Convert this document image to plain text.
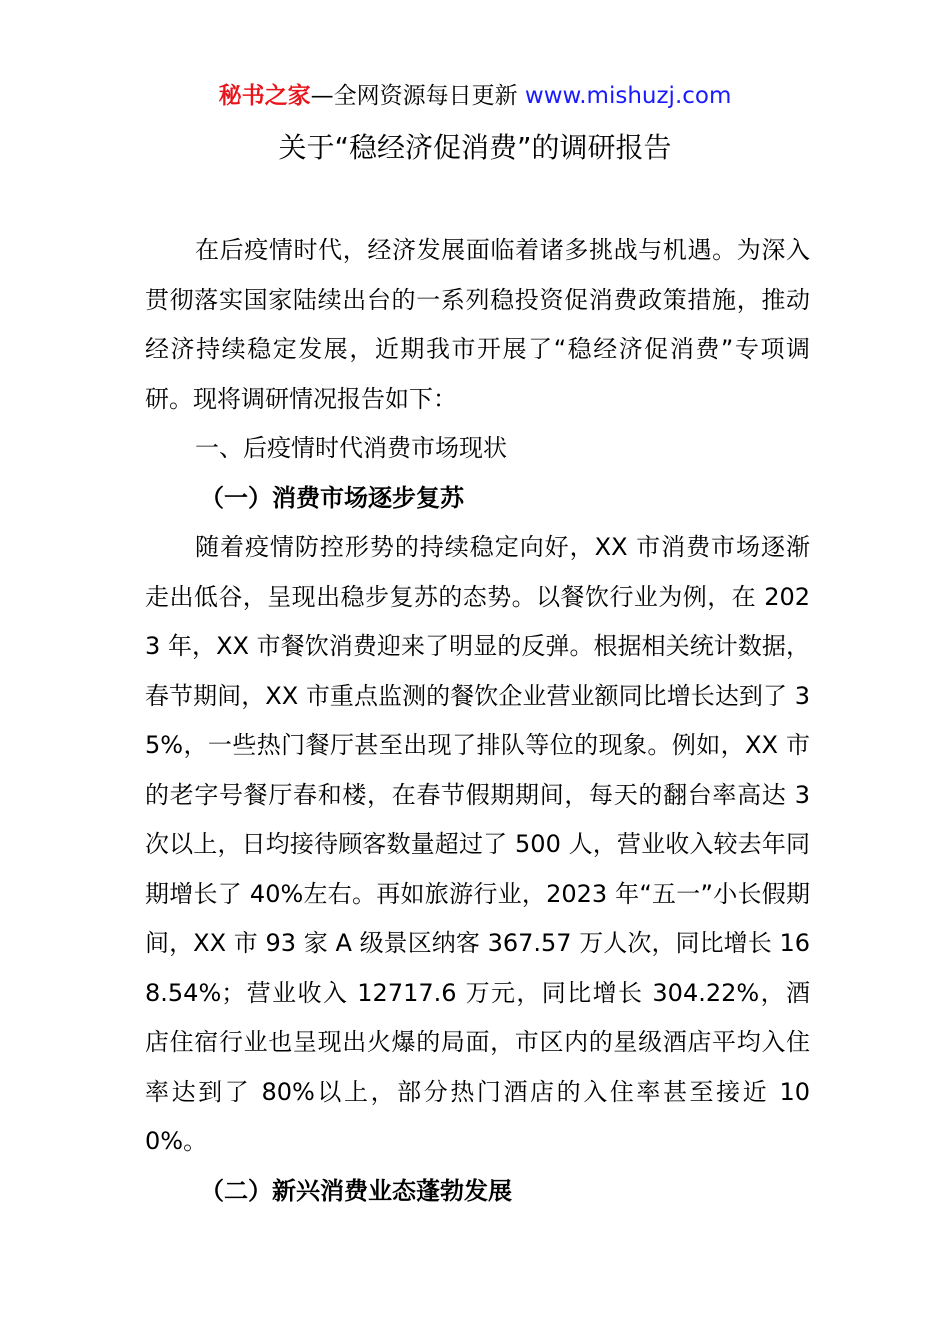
秘书之家—全网资源每日更新 www.mishuzj.com
关于“稳经济促消费”的调研报告

在后疫情时代，经济发展面临着诸多挑战与机遇。为深入贯彻落实国家陆续出台的一系列稳投资促消费政策措施，推动经济持续稳定发展，近期我市开展了“稳经济促消费”专项调研。现将调研情况报告如下：

一、后疫情时代消费市场现状

（一）消费市场逐步复苏

随着疫情防控形势的持续稳定向好，XX 市消费市场逐渐走出低谷，呈现出稳步复苏的态势。以餐饮行业为例，在 2023 年，XX 市餐饮消费迎来了明显的反弹。根据相关统计数据，春节期间，XX 市重点监测的餐饮企业营业额同比增长达到了 35%，一些热门餐厅甚至出现了排队等位的现象。例如，XX 市的老字号餐厅春和楼，在春节假期期间，每天的翻台率高达 3 次以上，日均接待顾客数量超过了 500 人，营业收入较去年同期增长了 40%左右。再如旅游行业，2023 年“五一”小长假期间，XX 市 93 家 A 级景区纳客 367.57 万人次，同比增长 168.54%；营业收入 12717.6 万元，同比增长 304.22%，酒店住宿行业也呈现出火爆的局面，市区内的星级酒店平均入住率达到了 80%以上，部分热门酒店的入住率甚至接近 100%。

（二）新兴消费业态蓬勃发展
